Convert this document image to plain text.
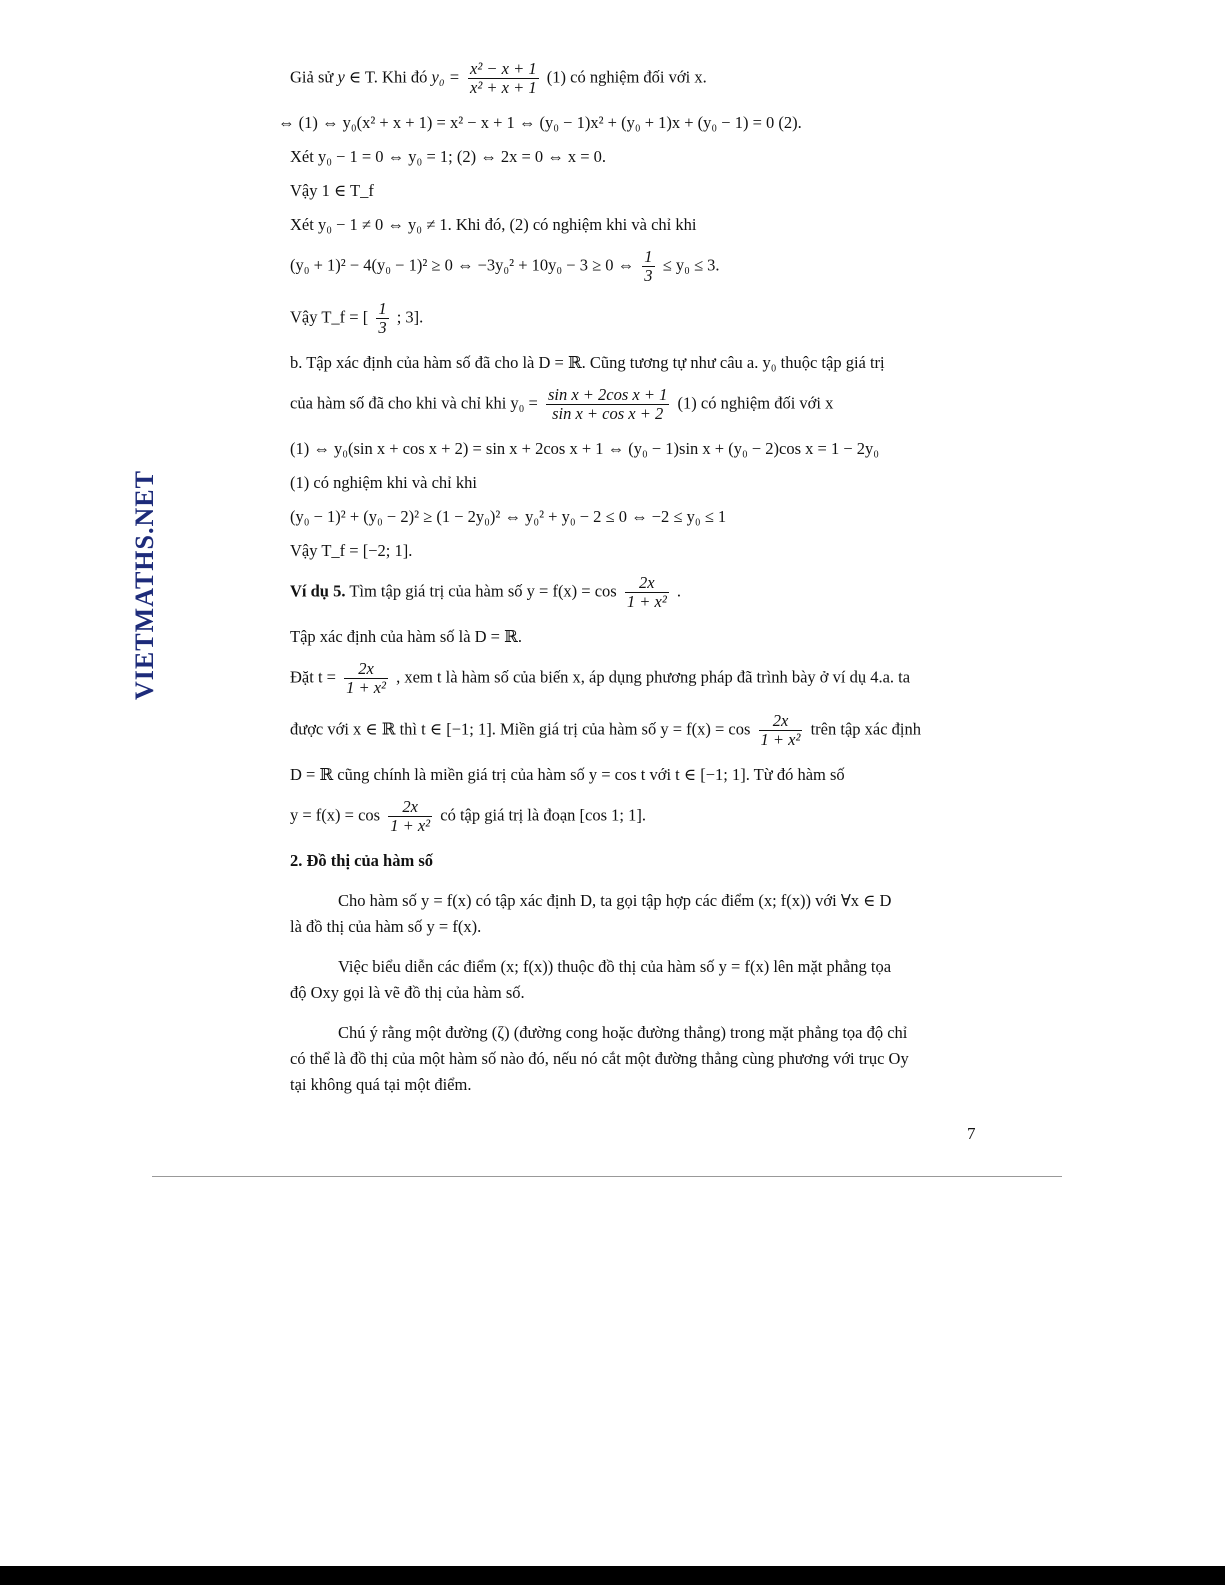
VIETMATHS.NET
Giả sử y ∈ T. Khi đó $y_0 = \frac{\text{x² − x + 1}}{\text{x² + x + 1}} (1)$ có nghiệm đối với x.
⇔ (1) ⇔ y₀(x² + x + 1) = x² − x + 1 ⇔ (y₀ − 1)x² + (y₀ + 1)x + (y₀ − 1) = 0 (2).
Xét y₀ − 1 = 0 ⇔ y₀ = 1; (2) ⇔ 2x = 0 ⇔ x = 0.
Vậy 1 ∈ T_f
Xét y₀ − 1 ≠ 0 ⇔ y₀ ≠ 1. Khi đó, (2) có nghiệm khi và chỉ khi
(y₀ + 1)² − 4(y₀ − 1)² ≥ 0 ⇔ −3y₀² + 10y₀ − 3 ≥ 0 ⇔ $\frac{1}{3} \le y_0 \le 3$.
Vậy T_f = [ $\frac{1}{3}$ ; 3].
b. Tập xác định của hàm số đã cho là D = ℝ. Cũng tương tự như câu a. y₀ thuộc tập giá trị
của hàm số đã cho khi và chỉ khi $y_0 = \frac{\text{sin x + 2cos x + 1}}{\text{sin x + cos x + 2}} (1)$ có nghiệm đối với x
(1) ⇔ y₀(sin x + cos x + 2) = sin x + 2cos x + 1 ⇔ (y₀ − 1)sin x + (y₀ − 2)cos x = 1 − 2y₀
(1) có nghiệm khi và chỉ khi
(y₀ − 1)² + (y₀ − 2)² ≥ (1 − 2y₀)² ⇔ y₀² + y₀ − 2 ≤ 0 ⇔ −2 ≤ y₀ ≤ 1
Vậy T_f = [−2; 1].
Ví dụ 5. Tìm tập giá trị của hàm số $y = f(x) = \cos \frac{2x}{\text{1 + x²}}$ .
Tập xác định của hàm số là D = ℝ.
Đặt $t = \frac{2x}{\text{1 + x²}}$ , xem t là hàm số của biến x, áp dụng phương pháp đã trình bày ở ví dụ 4.a. ta
được với x ∈ ℝ thì t ∈ [−1; 1]. Miền giá trị của hàm số $y = f(x) = \cos \frac{2x}{\text{1 + x²}}$ trên tập xác định
D = ℝ cũng chính là miền giá trị của hàm số y = cos t với t ∈ [−1; 1]. Từ đó hàm số
$y = f(x) = \cos \frac{2x}{\text{1 + x²}}$ có tập giá trị là đoạn [cos 1; 1].
2. Đồ thị của hàm số
Cho hàm số y = f(x) có tập xác định D, ta gọi tập hợp các điểm (x; f(x)) với ∀x ∈ D
là đồ thị của hàm số y = f(x).
Việc biểu diễn các điểm (x; f(x)) thuộc đồ thị của hàm số y = f(x) lên mặt phẳng tọa
độ Oxy gọi là vẽ đồ thị của hàm số.
Chú ý rằng một đường (ζ) (đường cong hoặc đường thẳng) trong mặt phẳng tọa độ chỉ
có thể là đồ thị của một hàm số nào đó, nếu nó cắt một đường thẳng cùng phương với trục Oy
tại không quá tại một điểm.
7
